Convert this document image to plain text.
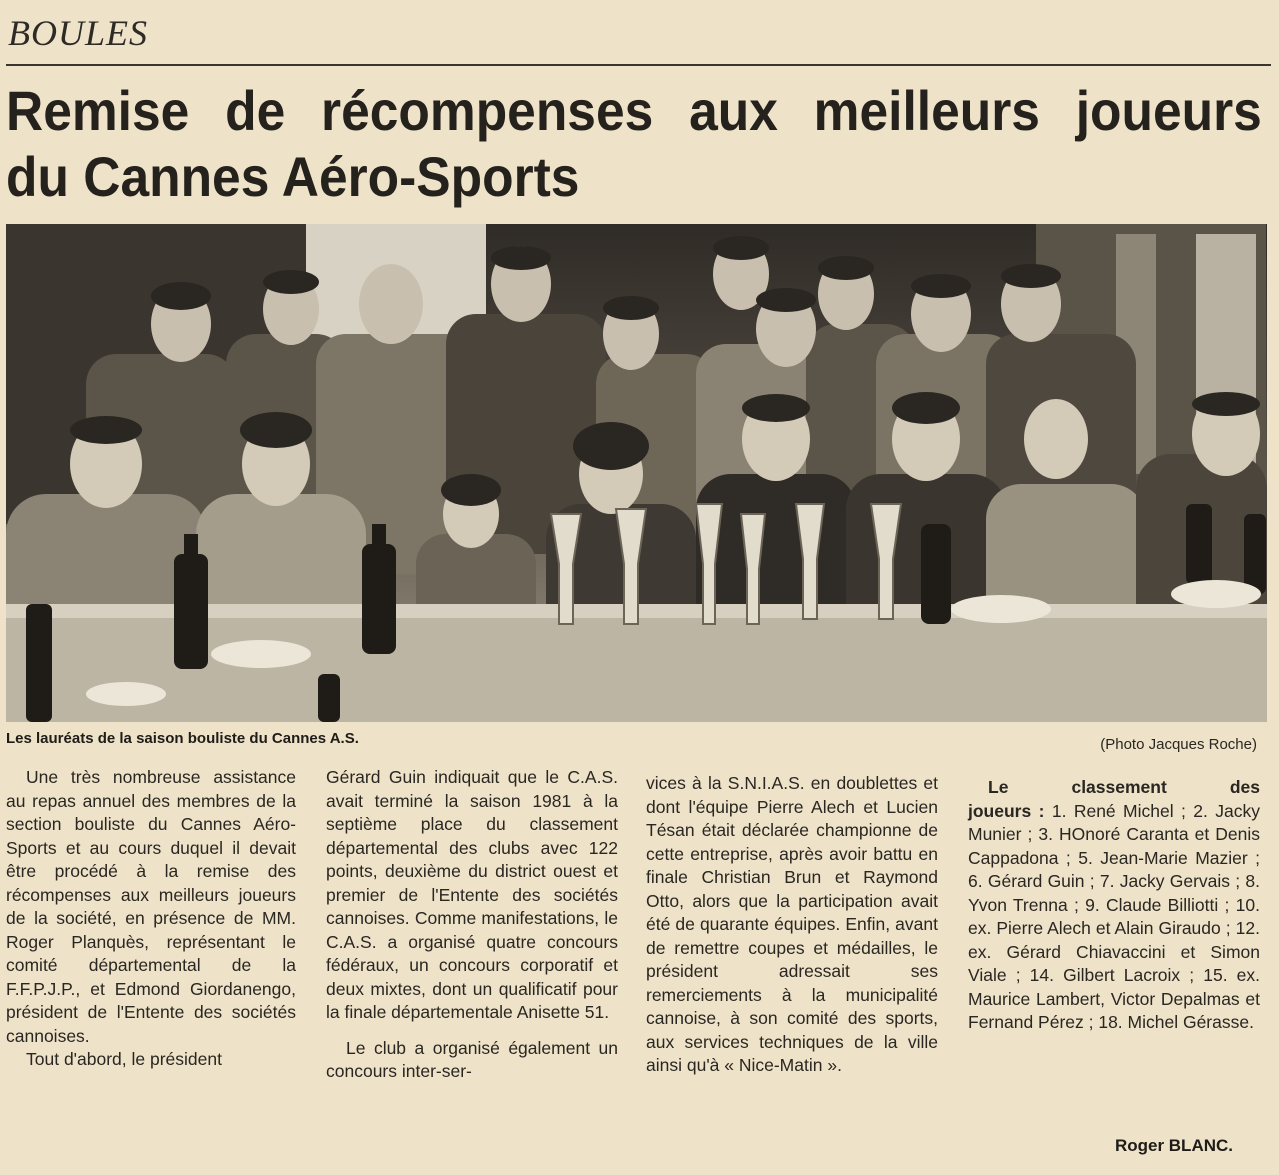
BOULES
Remise de récompenses aux meilleurs joueurs
du Cannes Aéro-Sports
Les lauréats de la saison bouliste du Cannes A.S.	(Photo Jacques Roche)

Une très nombreuse assistance au repas annuel des membres de la section bouliste du Cannes Aéro-Sports et au cours duquel il devait être procédé à la remise des récompenses aux meilleurs joueurs de la société, en présence de MM. Roger Planquès, représentant le comité départemental de la F.F.P.J.P., et Edmond Giordanengo, président de l'Entente des sociétés cannoises.

Tout d'abord, le président

Gérard Guin indiquait que le C.A.S. avait terminé la saison 1981 à la septième place du classement départemental des clubs avec 122 points, deuxième du district ouest et premier de l'Entente des sociétés cannoises. Comme manifestations, le C.A.S. a organisé quatre concours fédéraux, un concours corporatif et deux mixtes, dont un qualificatif pour la finale départementale Anisette 51.

Le club a organisé également un concours inter-ser-

vices à la S.N.I.A.S. en doublettes et dont l'équipe Pierre Alech et Lucien Tésan était déclarée championne de cette entreprise, après avoir battu en finale Christian Brun et Raymond Otto, alors que la participation avait été de quarante équipes. Enfin, avant de remettre coupes et médailles, le président adressait ses remerciements à la municipalité cannoise, à son comité des sports, aux services techniques de la ville ainsi qu'à « Nice-Matin ».

Le classement des

joueurs : 1. René Michel ; 2. Jacky Munier ; 3. HOnoré Caranta et Denis Cappadona ; 5. Jean-Marie Mazier ; 6. Gérard Guin ; 7. Jacky Gervais ; 8. Yvon Trenna ; 9. Claude Billiotti ; 10. ex. Pierre Alech et Alain Giraudo ; 12. ex. Gérard Chiavaccini et Simon Viale ; 14. Gilbert Lacroix ; 15. ex. Maurice Lambert, Victor Depalmas et Fernand Pérez ; 18. Michel Gérasse.

Roger BLANC.
